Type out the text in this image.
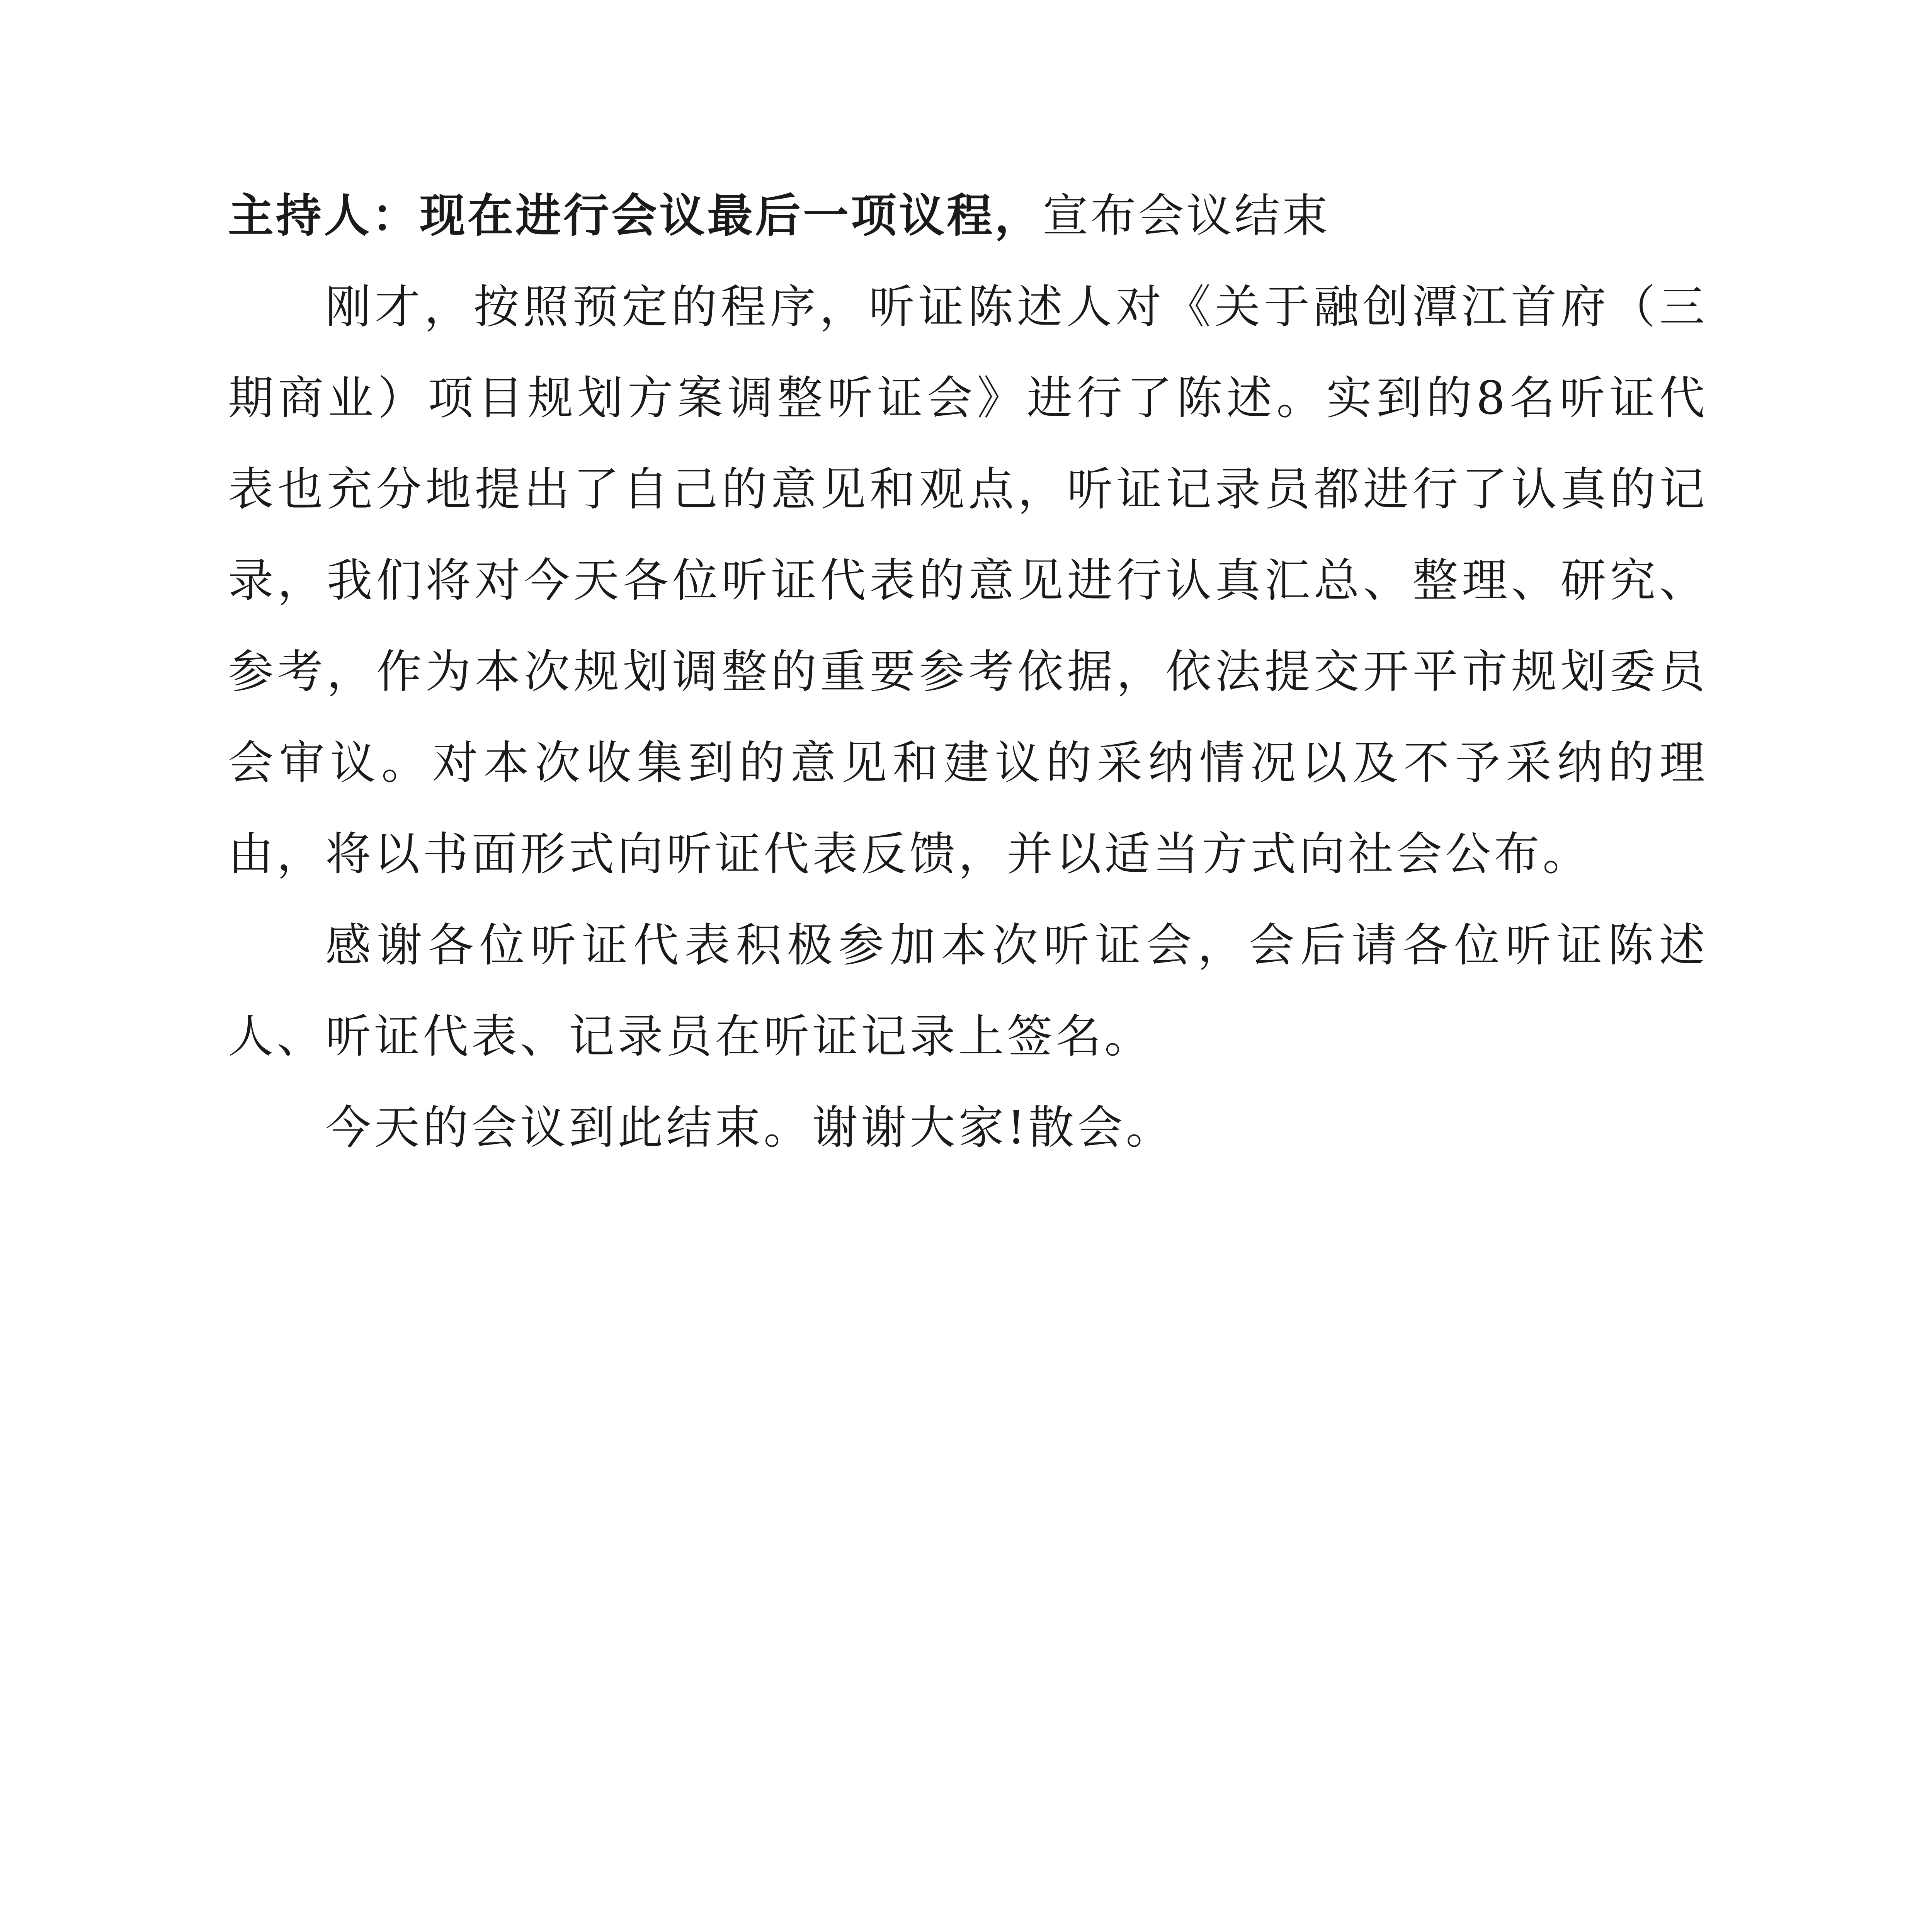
主持人：现在进行会议最后一项议程，宣布会议结束

刚才，按照预定的程序，听证陈述人对《关于融创潭江首府（三期商业）项目规划方案调整听证会》进行了陈述。实到的8名听证代表也充分地提出了自己的意见和观点，听证记录员都进行了认真的记录，我们将对今天各位听证代表的意见进行认真汇总、整理、研究、参考，作为本次规划调整的重要参考依据，依法提交开平市规划委员会审议。对本次收集到的意见和建议的采纳情况以及不予采纳的理由，将以书面形式向听证代表反馈，并以适当方式向社会公布。

感谢各位听证代表积极参加本次听证会，会后请各位听证陈述人、听证代表、记录员在听证记录上签名。

今天的会议到此结束。谢谢大家!散会。
